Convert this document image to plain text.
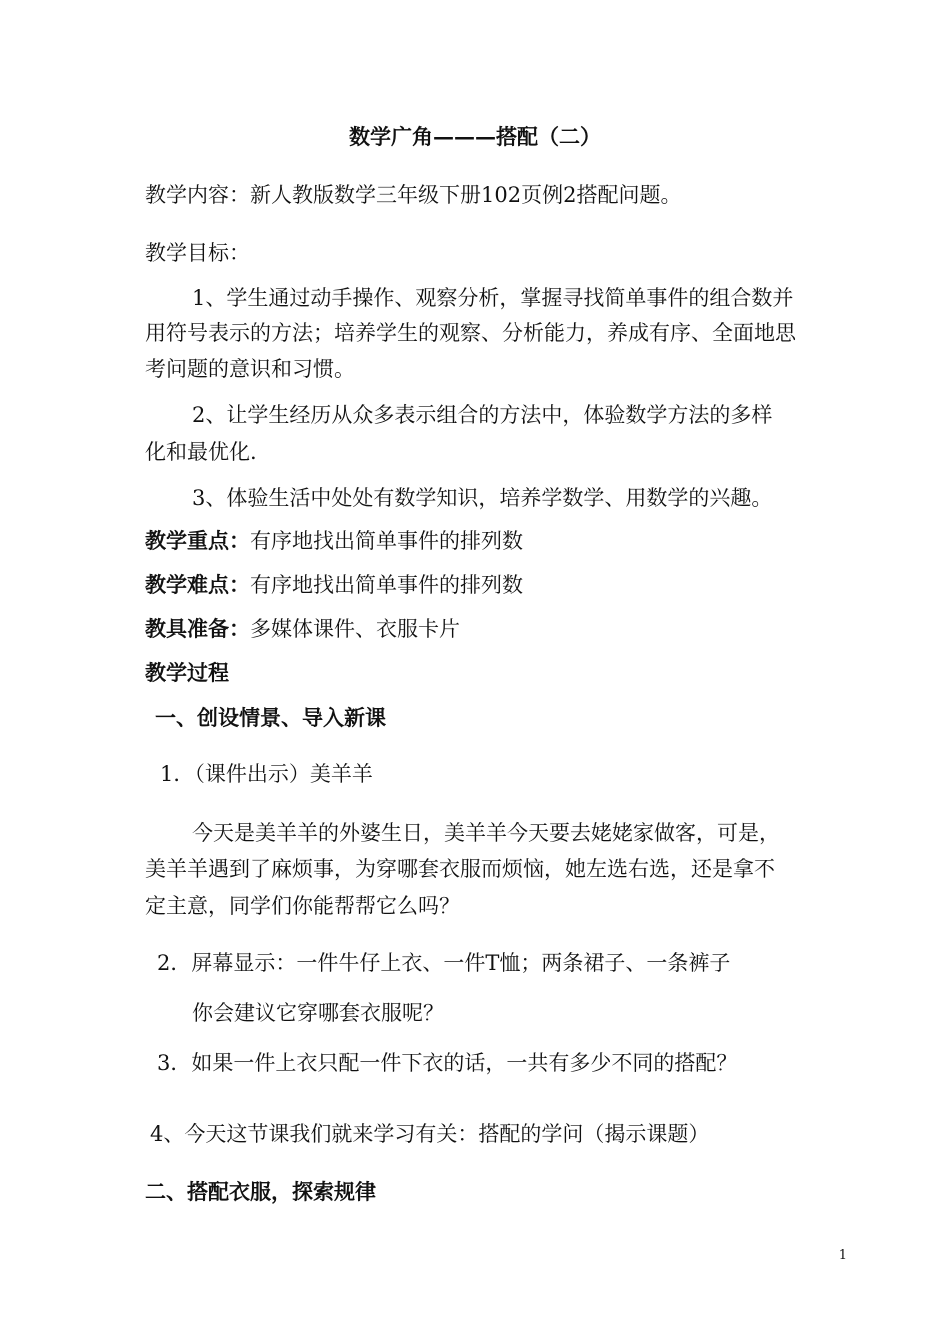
数学广角———搭配（二）
教学内容：新人教版数学三年级下册102页例2搭配问题。
教学目标：
1、学生通过动手操作、观察分析，掌握寻找简单事件的组合数并
用符号表示的方法；培养学生的观察、分析能力，养成有序、全面地思
考问题的意识和习惯。
2、让学生经历从众多表示组合的方法中，体验数学方法的多样
化和最优化.
3、体验生活中处处有数学知识，培养学数学、用数学的兴趣。
教学重点：有序地找出简单事件的排列数
教学难点：有序地找出简单事件的排列数
教具准备：多媒体课件、衣服卡片
教学过程
一、创设情景、导入新课
1．（课件出示）美羊羊
今天是美羊羊的外婆生日，美羊羊今天要去姥姥家做客，可是，
美羊羊遇到了麻烦事，为穿哪套衣服而烦恼，她左选右选，还是拿不
定主意，同学们你能帮帮它么吗？
2．屏幕显示：一件牛仔上衣、一件T恤；两条裙子、一条裤子
你会建议它穿哪套衣服呢？
3．如果一件上衣只配一件下衣的话，一共有多少不同的搭配？
4、今天这节课我们就来学习有关：搭配的学问（揭示课题）
二、搭配衣服，探索规律
1
